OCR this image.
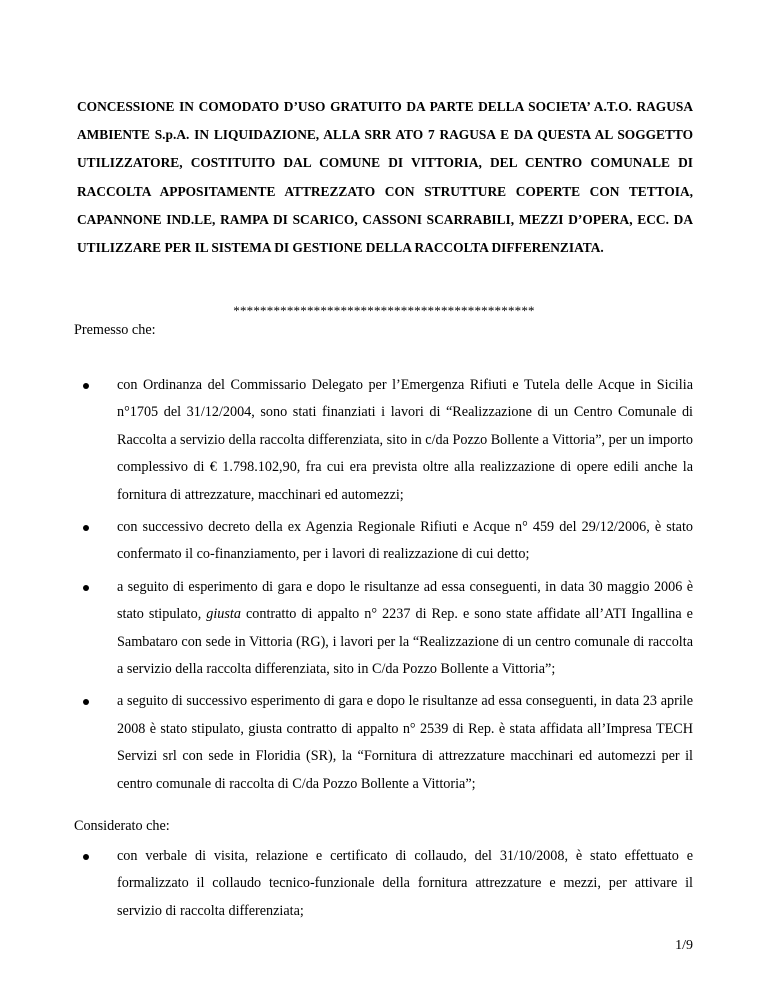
CONCESSIONE IN COMODATO D’USO GRATUITO DA PARTE DELLA SOCIETA’ A.T.O. RAGUSA AMBIENTE S.p.A. IN LIQUIDAZIONE, ALLA SRR ATO 7 RAGUSA E DA QUESTA AL SOGGETTO UTILIZZATORE, COSTITUITO DAL COMUNE DI VITTORIA, DEL CENTRO COMUNALE DI RACCOLTA APPOSITAMENTE ATTREZZATO CON STRUTTURE COPERTE CON TETTOIA, CAPANNONE IND.LE, RAMPA DI SCARICO, CASSONI SCARRABILI, MEZZI D’OPERA, ECC. DA UTILIZZARE PER IL SISTEMA DI GESTIONE DELLA RACCOLTA DIFFERENZIATA.
*********************************************
Premesso che:
con Ordinanza del Commissario Delegato per l’Emergenza Rifiuti e Tutela delle Acque in Sicilia n°1705 del 31/12/2004, sono stati finanziati i lavori di “Realizzazione di un Centro Comunale di Raccolta a servizio della raccolta differenziata, sito in c/da Pozzo Bollente a Vittoria”, per un importo complessivo di € 1.798.102,90, fra cui era prevista oltre alla realizzazione di opere edili anche la fornitura di attrezzature, macchinari ed automezzi;
con successivo decreto della ex Agenzia Regionale Rifiuti e Acque n° 459 del 29/12/2006, è stato confermato il co-finanziamento, per i lavori di realizzazione di cui detto;
a seguito di esperimento di gara e dopo le risultanze ad essa conseguenti, in data 30 maggio 2006 è stato stipulato, giusta contratto di appalto n° 2237 di Rep. e sono state affidate all’ATI Ingallina e Sambataro con sede in Vittoria (RG), i lavori per la “Realizzazione di un centro comunale di raccolta a servizio della raccolta differenziata, sito in C/da Pozzo Bollente a Vittoria”;
a seguito di successivo esperimento di gara e dopo le risultanze ad essa conseguenti, in data 23 aprile 2008 è stato stipulato, giusta contratto di appalto n° 2539 di Rep. è stata affidata all’Impresa TECH Servizi srl con sede in Floridia (SR), la “Fornitura di attrezzature macchinari ed automezzi per il centro comunale di raccolta di C/da Pozzo Bollente a Vittoria”;
Considerato che:
con verbale di visita, relazione e certificato di collaudo, del 31/10/2008, è stato effettuato e formalizzato il collaudo tecnico-funzionale della fornitura attrezzature e mezzi, per attivare il servizio di raccolta differenziata;
1/9
